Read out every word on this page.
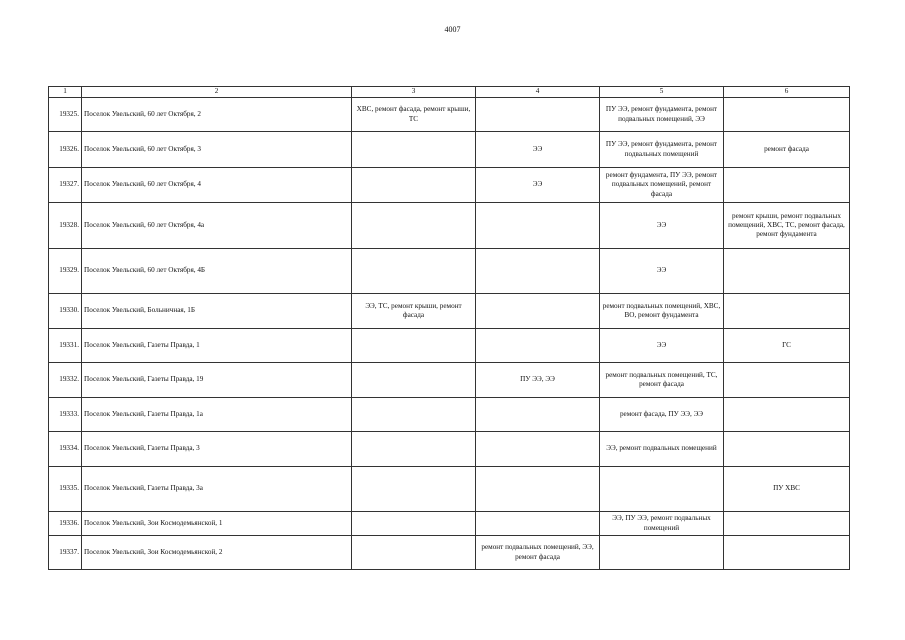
4007
1	2	3	4	5	6
19325.	Поселок Увельский, 60 лет Октября, 2	ХВС, ремонт фасада, ремонт крыши, ТС		ПУ ЭЭ, ремонт фундамента, ремонт подвальных помещений, ЭЭ	
19326.	Поселок Увельский, 60 лет Октября, 3		ЭЭ	ПУ ЭЭ, ремонт фундамента, ремонт подвальных помещений	ремонт фасада
19327.	Поселок Увельский, 60 лет Октября, 4		ЭЭ	ремонт фундамента, ПУ ЭЭ, ремонт подвальных помещений, ремонт фасада	
19328.	Поселок Увельский, 60 лет Октября, 4а			ЭЭ	ремонт крыши, ремонт подвальных помещений, ХВС, ТС, ремонт фасада, ремонт фундамента
19329.	Поселок Увельский, 60 лет Октября, 4Б			ЭЭ	
19330.	Поселок Увельский, Больничная, 1Б	ЭЭ, ТС, ремонт крыши, ремонт фасада		ремонт подвальных помещений, ХВС, ВО, ремонт фундамента	
19331.	Поселок Увельский, Газеты Правда, 1			ЭЭ	ГС
19332.	Поселок Увельский, Газеты Правда, 19		ПУ ЭЭ, ЭЭ	ремонт подвальных помещений, ТС, ремонт фасада	
19333.	Поселок Увельский, Газеты Правда, 1а			ремонт фасада, ПУ ЭЭ, ЭЭ	
19334.	Поселок Увельский, Газеты Правда, 3			ЭЭ, ремонт подвальных помещений	
19335.	Поселок Увельский, Газеты Правда, 3а				ПУ ХВС
19336.	Поселок Увельский, Зои Космодемьянской, 1			ЭЭ, ПУ ЭЭ, ремонт подвальных помещений	
19337.	Поселок Увельский, Зои Космодемьянской, 2		ремонт подвальных помещений, ЭЭ, ремонт фасада		
